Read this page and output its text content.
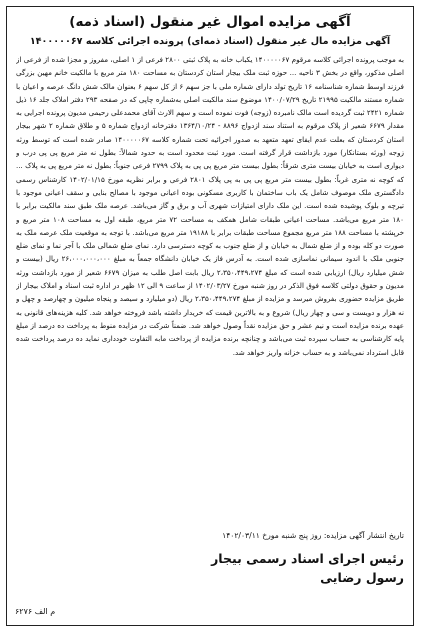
آگهی مزایده اموال غیر منقول (اسناد ذمه)
آگهی مزایده مال غیر منقول (اسناد ذمه‌ای) پرونده اجرائی کلاسه ۱۴۰۰۰۰۰۶۷

به موجب پرونده اجرائی کلاسه مرقوم ۱۴۰۰۰۰۰۶۷ یکباب خانه به پلاک ثبتی ۲۸۰۰ فرعی از ۱ اصلی، مفروز و مجزا شده از فرعی از اصلی مذکور، واقع در بخش ۳ ناحیه ... حوزه ثبت ملک بیجار استان کردستان به مساحت ۱۸۰ متر مربع با مالکیت خانم مهین بزرگی فرزند اوسط شماره شناسنامه ۱۶ تاریخ تولد دارای شماره ملی با جز سهم ۶ از کل سهم ۶ بعنوان مالک شش دانگ عرصه و اعیان با شماره مستند مالکیت ۲۱۹۹۵ تاریخ ۱۴۰۰/۰۷/۲۹ موضوع سند مالکیت اصلی به‌شماره چاپی که در صفحه ۲۹۳ دفتر املاک جلد ۱۶ ذیل شماره ۲۴۲۱ ثبت گردیده است مالک نامبرده (زوجه) فوت نموده است و سهم الارث آقای محمدعلی رحیمی مدیون پرونده اجرایی به مقدار ۶۶۷۹ شعیر از پلاک مرقوم به استناد سند ازدواج ۸۸۹۶ - ۱۳۶۴/۱۰/۲۴ دفترخانه ازدواج شماره ۵ و طلاق شماره ۲ شهر بیجار استان کردستان که بعلت عدم ایفای تعهد متعهد به صدور اجرائیه تحت شماره کلاسه ۱۴۰۰۰۰۰۶۷ صادر شده است که توسط ورثه زوجه (ورثه بستانکار) مورد بازداشت قرار گرفته است. مورد ثبت محدود است به حدود شمالاً: بطول نه متر مربع پی پی درب و دیواری است به خیابان بیست متری شرقاً: بطول بیست متر مربع پی پی به پلاک ۲۷۹۹ فرعی جنوباً: بطول نه متر مربع پی به پلاک ... که کوچه نه متری غرباً: بطول بیست متر مربع پی پی به پی پلاک ۲۸۰۱ فرعی و برابر نظریه مورخ ۱۴۰۲/۰۱/۱۵ کارشناس رسمی دادگستری ملک موصوف شامل یک باب ساختمان با کاربری مسکونی بوده اعیانی موجود با مصالح بنایی و سقف اعیانی موجود با تیرچه و بلوک پوشیده شده است. این ملک دارای امتیازات شهری آب و برق و گاز می‌باشد. عرصه ملک طبق سند مالکیت برابر با ۱۸۰ متر مربع می‌باشد. مساحت اعیانی طبقات شامل همکف به مساحت ۷۲ متر مربع، طبقه اول به مساحت ۱۰۸ متر مربع و خرپشته با مساحت ۱۸۸ متر مربع مجموع مساحت طبقات برابر با ۱۹۱۸۸ متر مربع می‌باشد. با توجه به موقعیت ملک عرصه ملک به صورت دو کله بوده و از ضلع شمال به خیابان و از ضلع جنوب به کوچه دسترسی دارد. نمای ضلع شمالی ملک با آجر نما و نمای ضلع جنوبی ملک با اندود سیمانی نماسازی شده است. به آدرس فاز یک خیابان دانشگاه جمعاً به مبلغ ۲۶،۰۰۰،۰۰۰،۰۰۰ ریال (بیست و شش میلیارد ریال) ارزیابی شده است که مبلغ ۲،۳۵۰،۴۴۹،۲۷۴ ریال بابت اصل طلب به میزان ۶۶۷۹ شعیر از مورد بازداشت ورثه مدیون و حقوق دولتی کلاسه فوق الذکر در روز شنبه مورخ ۱۴۰۲/۰۳/۲۷ از ساعت ۹ الی ۱۲ ظهر در اداره ثبت اسناد و املاک بیجار از طریق مزایده حضوری بفروش میرسد و مزایده از مبلغ ۲،۳۵۰،۴۴۹،۲۷۴ ریال (دو میلیارد و سیصد و پنجاه میلیون و چهارصد و چهل و نه هزار و دویست و سی و چهار ریال) شروع و به بالاترین قیمت که خریدار داشته باشد فروخته خواهد شد. کلیه هزینه‌های قانونی به عهده برنده مزایده است و نیم عشر و حق مزایده نقداً وصول خواهد شد. ضمناً شرکت در مزایده منوط به پرداخت ده درصد از مبلغ پایه کارشناسی به حساب سپرده ثبت می‌باشد و چنانچه برنده مزایده از پرداخت مابه التفاوت خودداری نماید ده درصد پرداخت شده قابل استرداد نمی‌باشد و به حساب خزانه واریز خواهد شد.

تاریخ انتشار آگهی مزایده: روز پنج شنبه مورخ ۱۴۰۲/۰۳/۱۱
رئیس اجرای اسناد رسمی بیجار
رسول رضایی
م الف ۶۲۷۶
